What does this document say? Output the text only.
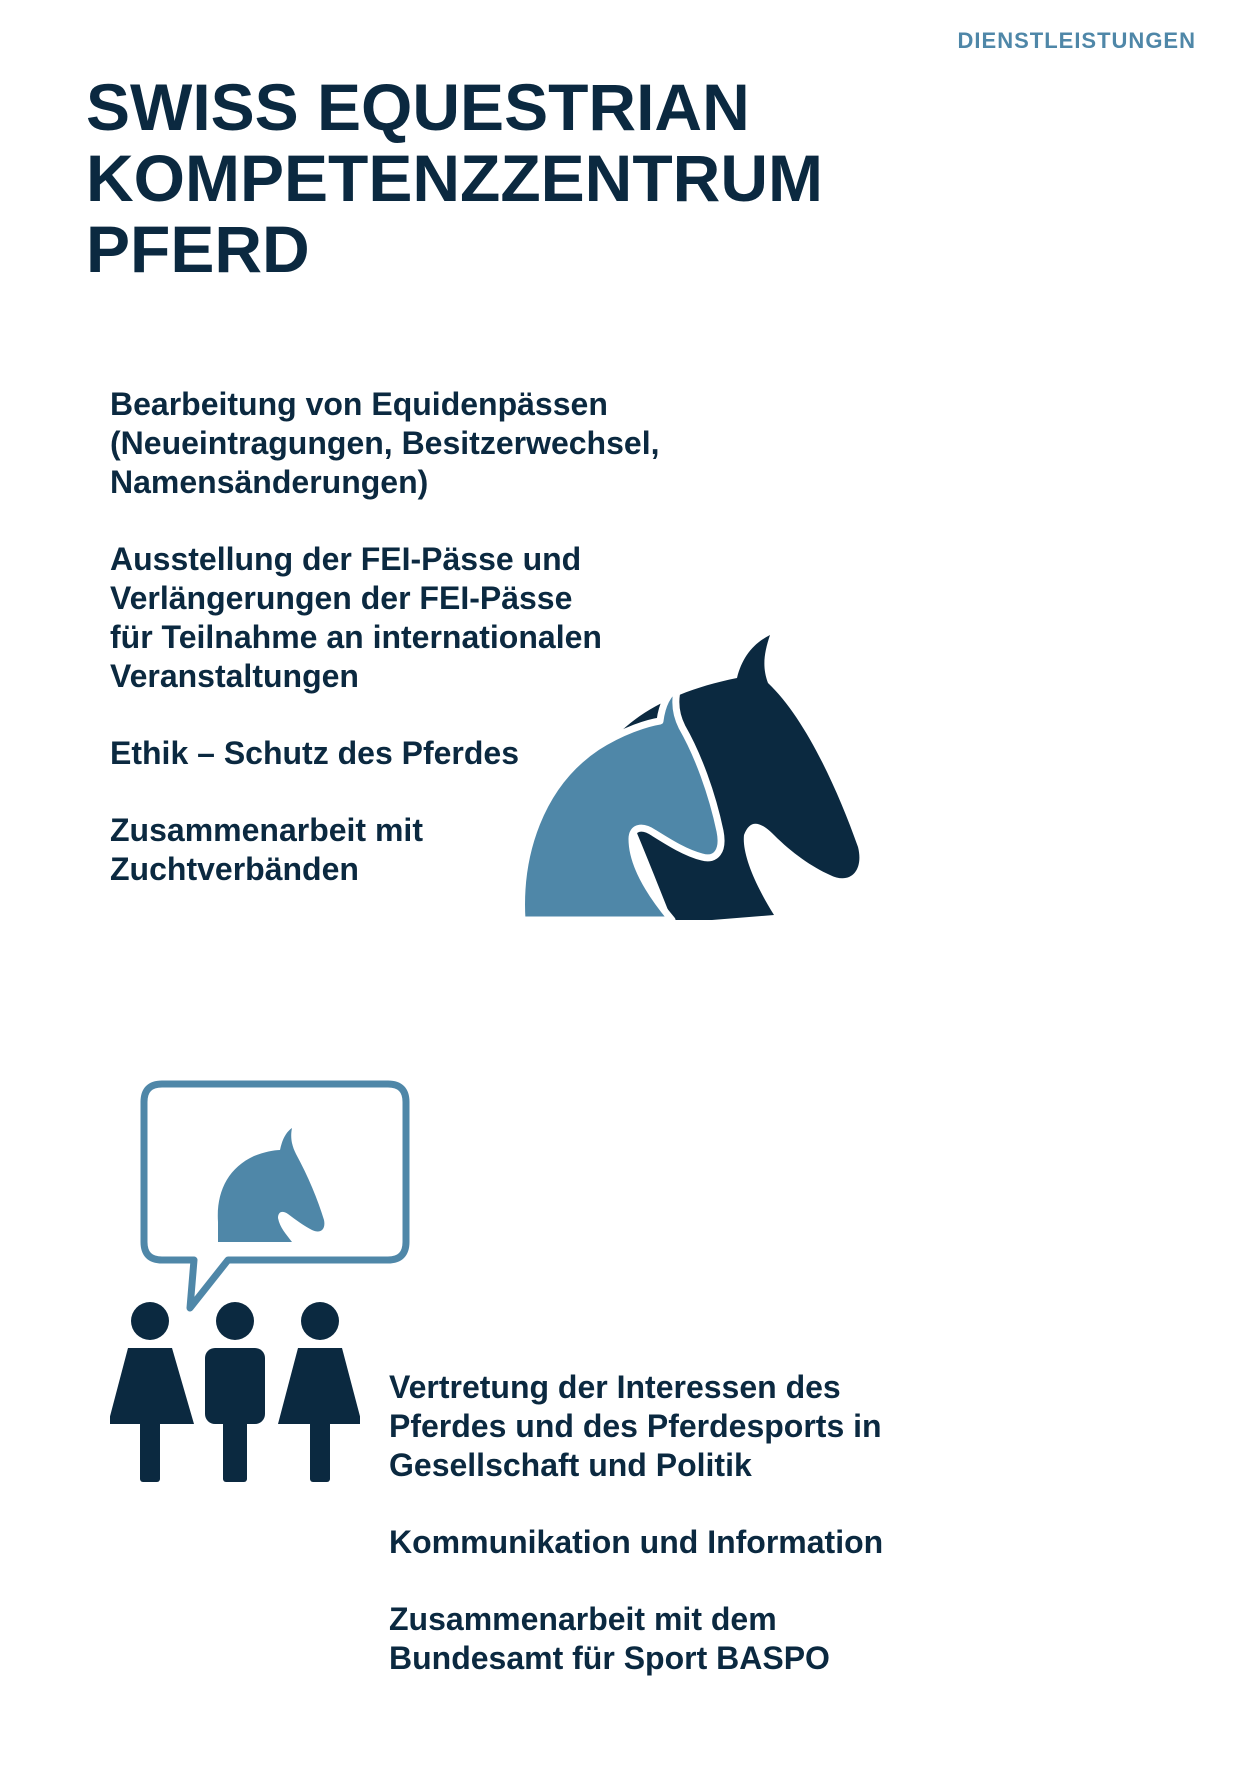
DIENSTLEISTUNGEN
SWISS EQUESTRIAN
KOMPETENZZENTRUM
PFERD
Bearbeitung von Equidenpässen
(Neueintragungen, Besitzerwechsel,
Namensänderungen)
Ausstellung der FEI-Pässe und
Verlängerungen der FEI-Pässe
für Teilnahme an internationalen
Veranstaltungen
Ethik – Schutz des Pferdes
Zusammenarbeit mit
Zuchtverbänden
Vertretung der Interessen des
Pferdes und des Pferdesports in
Gesellschaft und Politik
Kommunikation und Information
Zusammenarbeit mit dem
Bundesamt für Sport BASPO
